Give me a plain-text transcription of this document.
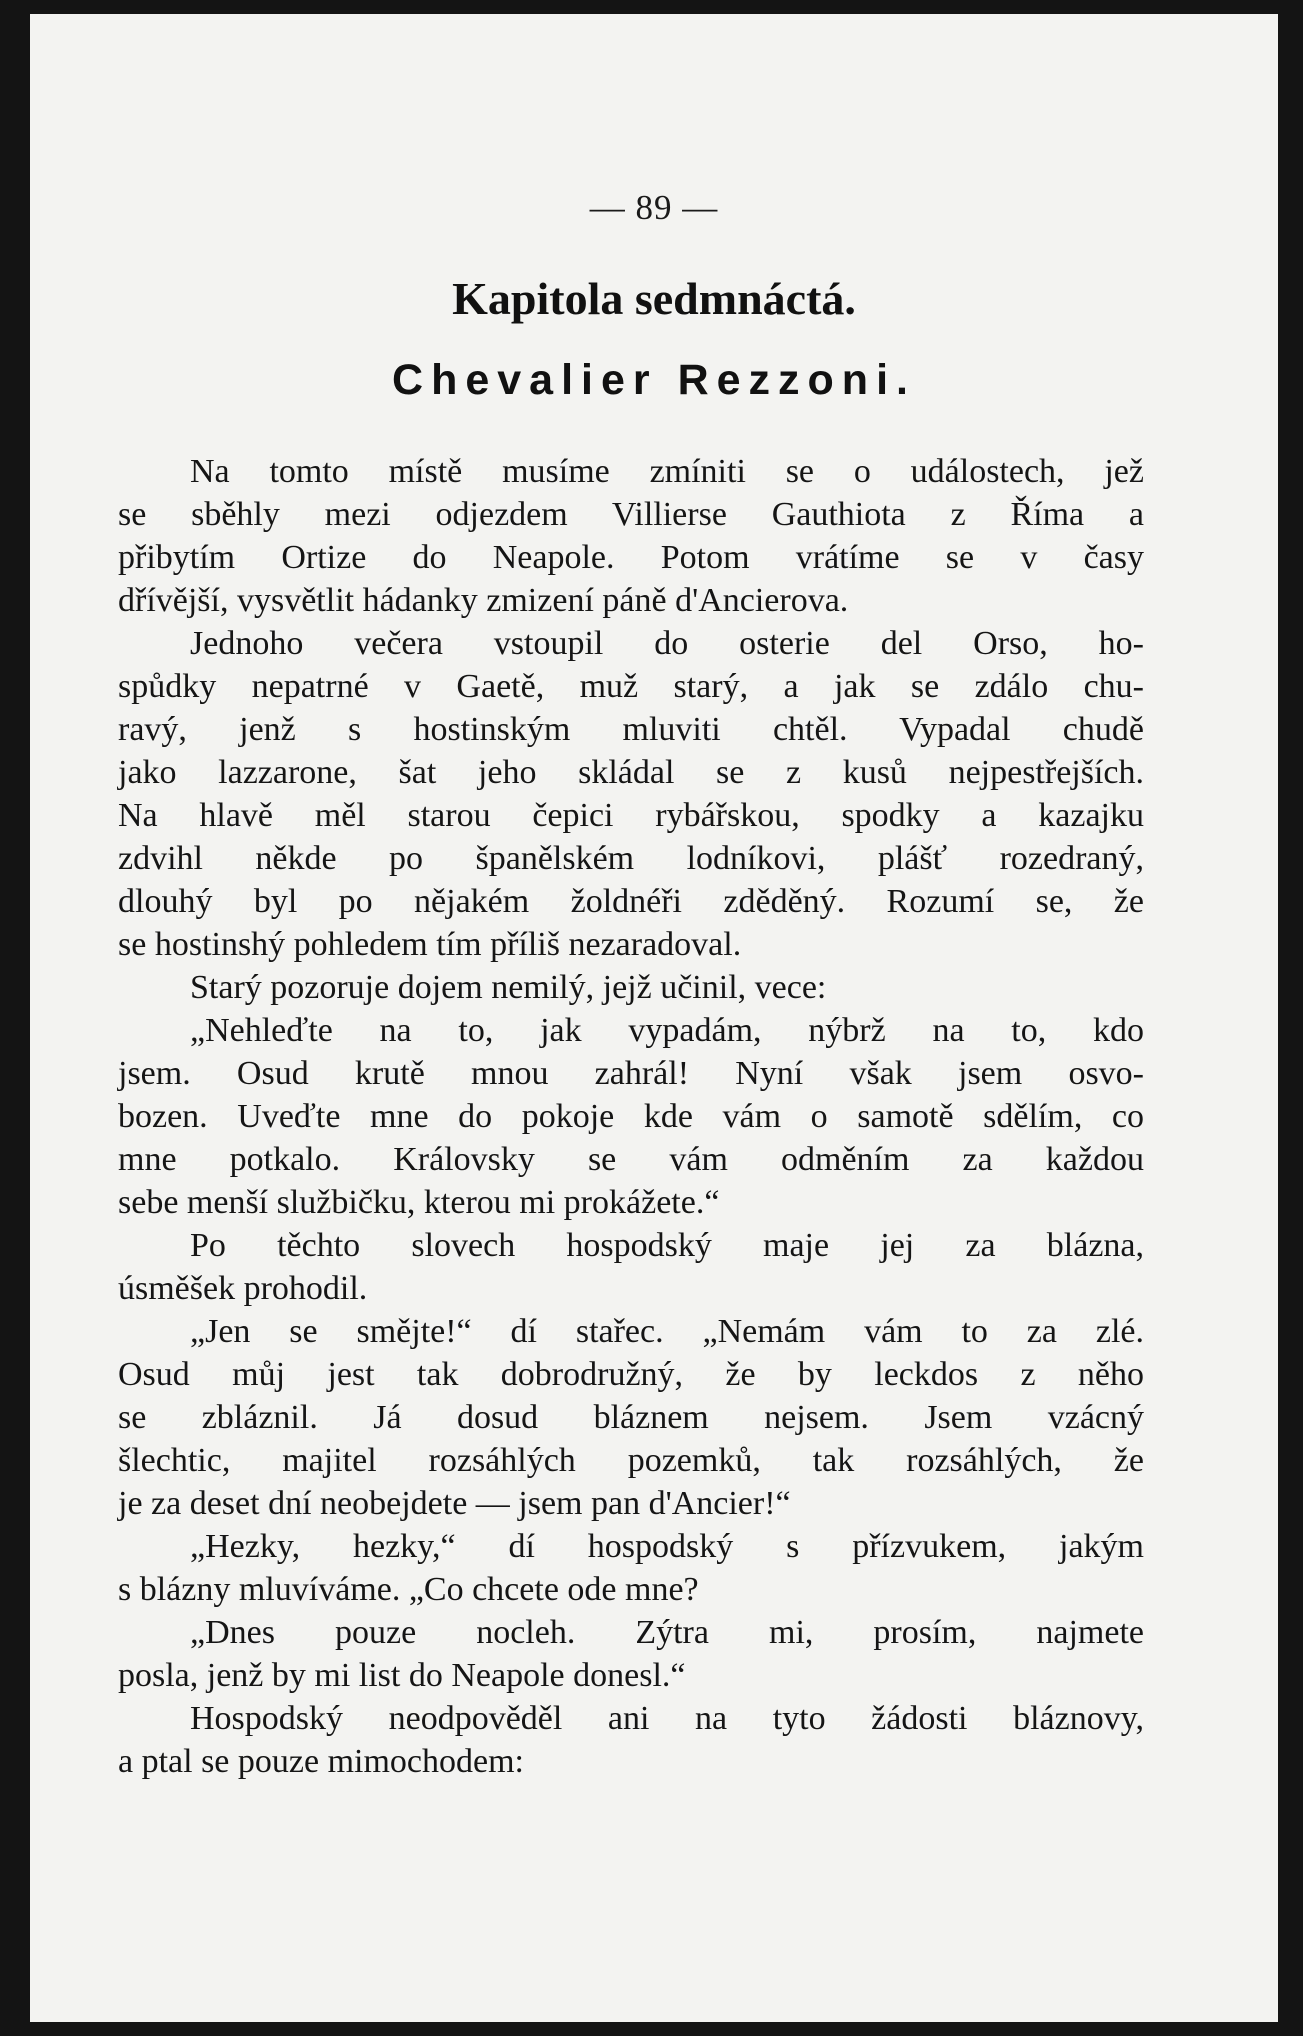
— 89 —
Kapitola sedmnáctá.
Chevalier Rezzoni.
Na tomto místě musíme zmíniti se o událostech, jež
se sběhly mezi odjezdem Villierse Gauthiota z Říma a
přibytím Ortize do Neapole. Potom vrátíme se v časy
dřívější, vysvětlit hádanky zmizení páně d'Ancierova.
Jednoho večera vstoupil do osterie del Orso, ho-
spůdky nepatrné v Gaetě, muž starý, a jak se zdálo chu-
ravý, jenž s hostinským mluviti chtěl. Vypadal chudě
jako lazzarone, šat jeho skládal se z kusů nejpestřejších.
Na hlavě měl starou čepici rybářskou, spodky a kazajku
zdvihl někde po španělském lodníkovi, plášť rozedraný,
dlouhý byl po nějakém žoldnéři zděděný. Rozumí se, že
se hostinshý pohledem tím příliš nezaradoval.
Starý pozoruje dojem nemilý, jejž učinil, vece:
„Nehleďte na to, jak vypadám, nýbrž na to, kdo
jsem. Osud krutě mnou zahrál! Nyní však jsem osvo-
bozen. Uveďte mne do pokoje kde vám o samotě sdělím, co
mne potkalo. Královsky se vám odměním za každou
sebe menší službičku, kterou mi prokážete.“
Po těchto slovech hospodský maje jej za blázna,
úsměšek prohodil.
„Jen se smějte!“ dí stařec. „Nemám vám to za zlé.
Osud můj jest tak dobrodružný, že by leckdos z něho
se zbláznil. Já dosud bláznem nejsem. Jsem vzácný
šlechtic, majitel rozsáhlých pozemků, tak rozsáhlých, že
je za deset dní neobejdete — jsem pan d'Ancier!“
„Hezky, hezky,“ dí hospodský s přízvukem, jakým
s blázny mluvíváme. „Co chcete ode mne?
„Dnes pouze nocleh. Zýtra mi, prosím, najmete
posla, jenž by mi list do Neapole donesl.“
Hospodský neodpověděl ani na tyto žádosti bláznovy,
a ptal se pouze mimochodem:
